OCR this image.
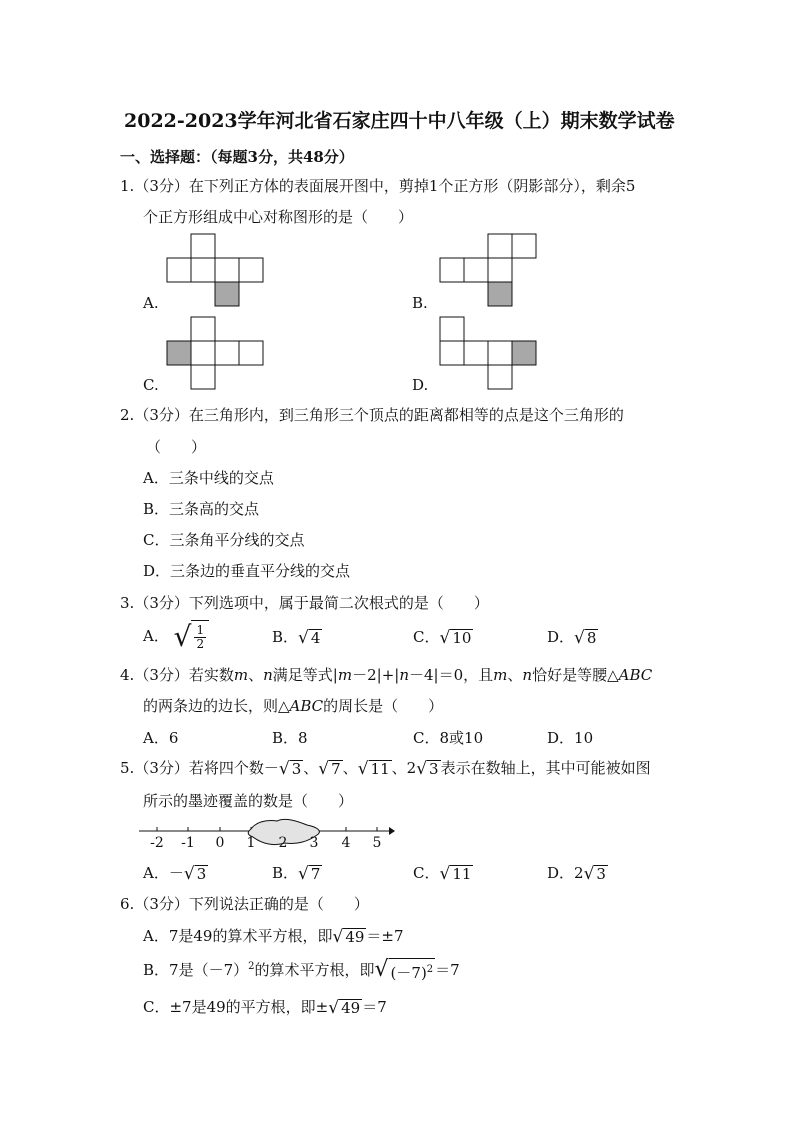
2022-2023学年河北省石家庄四十中八年级（上）期末数学试卷
一、选择题：（每题3分，共48分）
1.（3分）在下列正方体的表面展开图中，剪掉1个正方形（阴影部分），剩余5
个正方形组成中心对称图形的是（　　）
A.	B.
C.	D.
2.（3分）在三角形内，到三角形三个顶点的距离都相等的点是这个三角形的
（　　）
A．三条中线的交点
B．三条高的交点
C．三条角平分线的交点
D．三条边的垂直平分线的交点
3.（3分）下列选项中，属于最简二次根式的是（　　）
A． √ $\frac{1}{2}$	B． √ 4	C． √ 10	D． √ 8
4.（3分）若实数m、n满足等式|m－2|+|n－4|＝0，且m、n恰好是等腰△ABC
的两条边的边长，则△ABC的周长是（　　）
A．6	B．8	C．8或10	D．10
5.（3分）若将四个数－ √ 3 、 √ 7 、 √ 11 、2 √ 3 表示在数轴上，其中可能被如图
所示的墨迹覆盖的数是（　　）
-2 -1 0 1 2 3 4 5
A．－ √ 3	B． √ 7	C． √ 11	D．2 √ 3
6.（3分）下列说法正确的是（　　）
A．7是49的算术平方根，即 √ 49 ＝±7
B．7是$(-7)^2$的算术平方根，即 √ $(-7)^2 =7$
C．±7是49的平方根，即± √ 49 ＝7
